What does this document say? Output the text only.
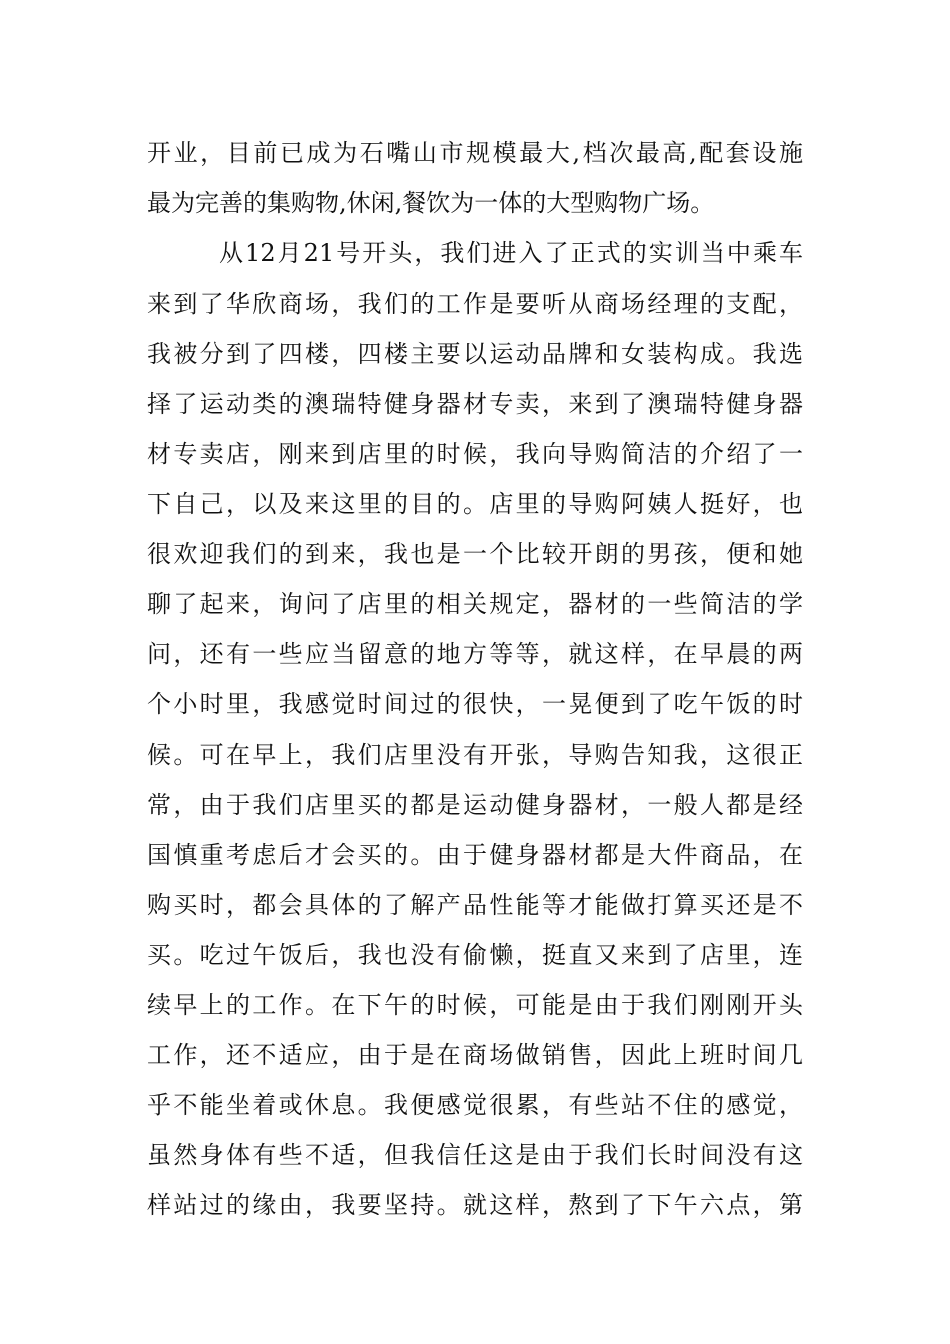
开业，目前已成为石嘴山市规模最大,档次最高,配套设施
最为完善的集购物,休闲,餐饮为一体的大型购物广场。
从12月21号开头，我们进入了正式的实训当中乘车
来到了华欣商场，我们的工作是要听从商场经理的支配，
我被分到了四楼，四楼主要以运动品牌和女装构成。我选
择了运动类的澳瑞特健身器材专卖，来到了澳瑞特健身器
材专卖店，刚来到店里的时候，我向导购简洁的介绍了一
下自己，以及来这里的目的。店里的导购阿姨人挺好，也
很欢迎我们的到来，我也是一个比较开朗的男孩，便和她
聊了起来，询问了店里的相关规定，器材的一些简洁的学
问，还有一些应当留意的地方等等，就这样，在早晨的两
个小时里，我感觉时间过的很快，一晃便到了吃午饭的时
候。可在早上，我们店里没有开张，导购告知我，这很正
常，由于我们店里买的都是运动健身器材，一般人都是经
国慎重考虑后才会买的。由于健身器材都是大件商品，在
购买时，都会具体的了解产品性能等才能做打算买还是不
买。吃过午饭后，我也没有偷懒，挺直又来到了店里，连
续早上的工作。在下午的时候，可能是由于我们刚刚开头
工作，还不适应，由于是在商场做销售，因此上班时间几
乎不能坐着或休息。我便感觉很累，有些站不住的感觉，
虽然身体有些不适，但我信任这是由于我们长时间没有这
样站过的缘由，我要坚持。就这样，熬到了下午六点，第
